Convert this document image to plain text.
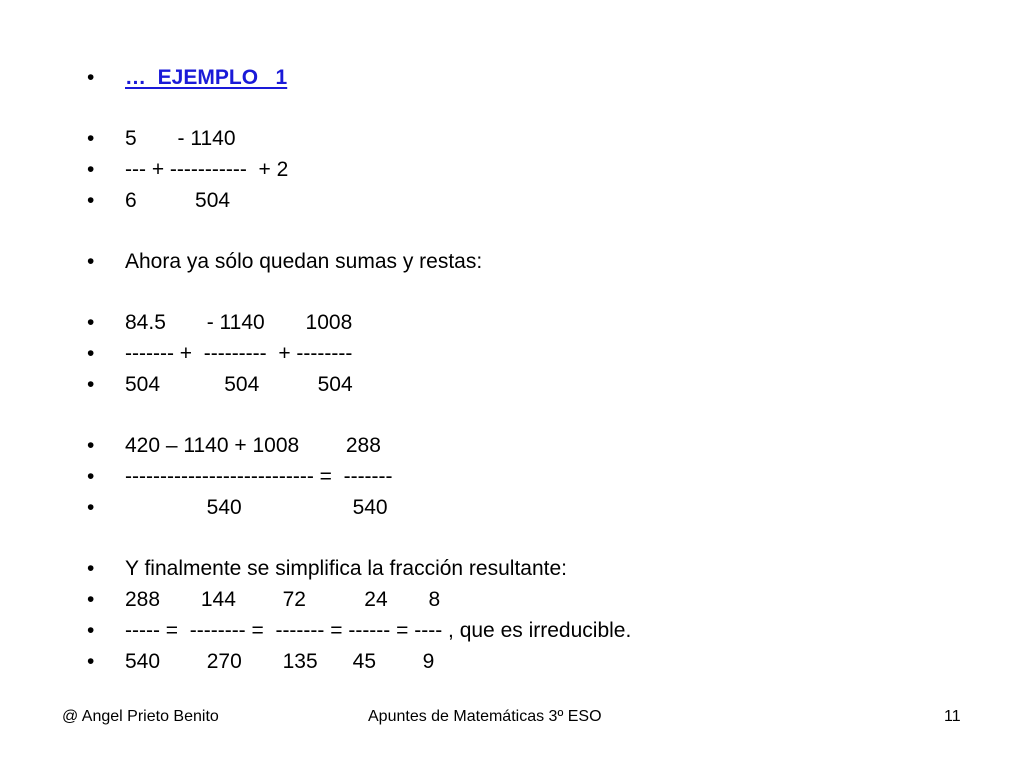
•

…  EJEMPLO   1

•

5       - 1140

•

--- + -----------  + 2

•

6          504

•

Ahora ya sólo quedan sumas y restas:

•

84.5       - 1140       1008

•

------- +  ---------  + --------

•

504           504          504

•

420 – 1140 + 1008        288

•

--------------------------- =  -------

•

540                   540

•

Y finalmente se simplifica la fracción resultante:

•

288       144        72          24       8

•

----- =  -------- =  ------- = ------ = ---- , que es irreducible.

•

540        270       135      45        9

@ Angel Prieto Benito	Apuntes de Matemáticas 3º ESO	11
